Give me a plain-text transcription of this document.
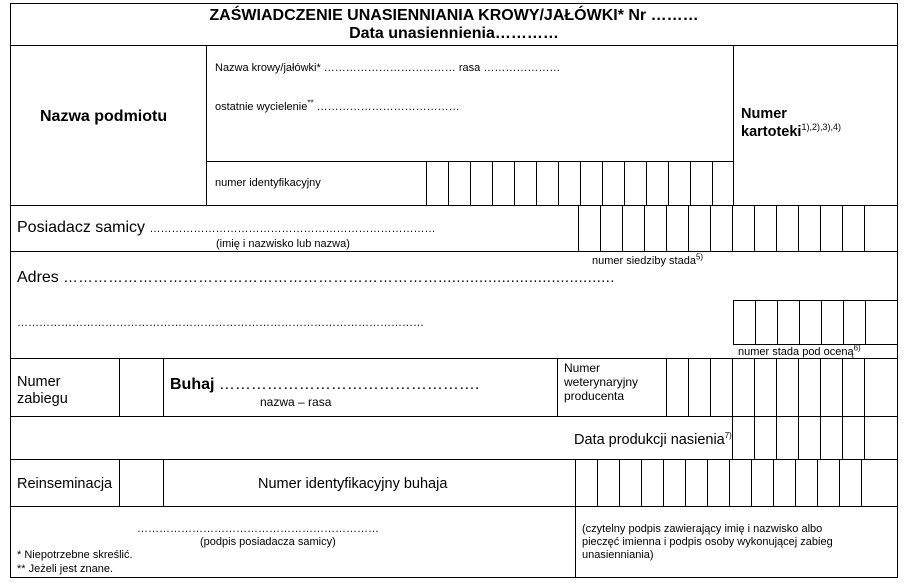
ZAŚWIADCZENIE UNASIENNIANIA KROWY/JAŁÓWKI* Nr ………
Data unasiennienia…………
Nazwa podmiotu
Nazwa krowy/jałówki* ……………………………… rasa …………………
ostatnie wycielenie** …………………………………
numer identyfikacyjny
Numer
kartoteki$^{1),2),3),4)}$
Posiadacz samicy ……………………………………………………………………
(imię i nazwisko lub nazwa)
numer siedziby stada$^{5)}$
Adres ………………………………………………………………….......................................
…………………………………………………………………………………………………
numer stada pod oceną$^{6)}$
Numer
zabiegu
Buhaj ………………………………………….
nazwa – rasa
Numer
weterynaryjny
producenta
Data produkcji nasienia$^{7)}$
Reinseminacja	Numer identyfikacyjny buhaja
…………………………………………………………
(podpis posiadacza samicy)
(czytelny podpis zawierający imię i nazwisko albo
pieczęć imienna i podpis osoby wykonującej zabieg
unasienniania)
* Niepotrzebne skreślić.
** Jeżeli jest znane.
